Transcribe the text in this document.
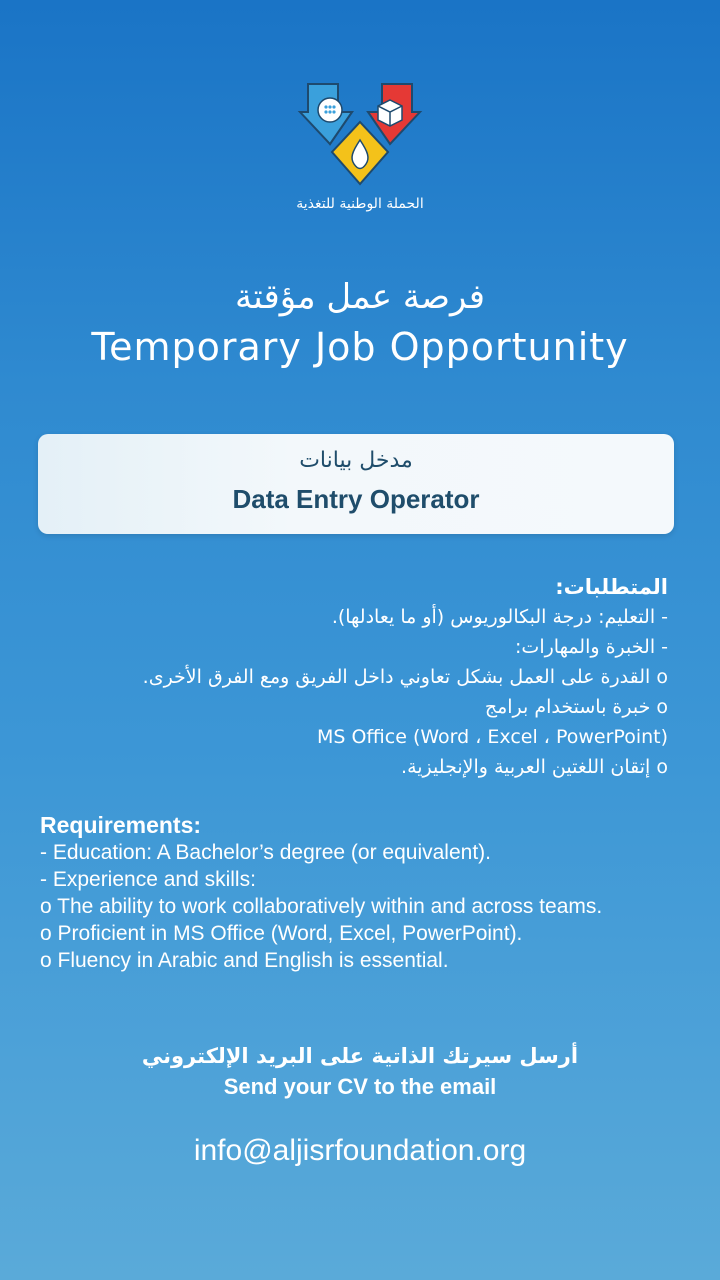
الحملة الوطنية للتغذية
فرصة عمل مؤقتة
Temporary Job Opportunity
مدخل بيانات
Data Entry Operator
المتطلبات:
- التعليم: درجة البكالوريوس (أو ما يعادلها).
- الخبرة والمهارات:
o القدرة على العمل بشكل تعاوني داخل الفريق ومع الفرق الأخرى.
o خبرة باستخدام برامج
MS Office (Word ، Excel ، PowerPoint)
o إتقان اللغتين العربية والإنجليزية.
Requirements:
- Education: A Bachelor’s degree (or equivalent).
- Experience and skills:
o The ability to work collaboratively within and across teams.
o Proficient in MS Office (Word, Excel, PowerPoint).
o Fluency in Arabic and English is essential.
أرسل سيرتك الذاتية على البريد الإلكتروني
Send your CV to the email
info@aljisrfoundation.org
